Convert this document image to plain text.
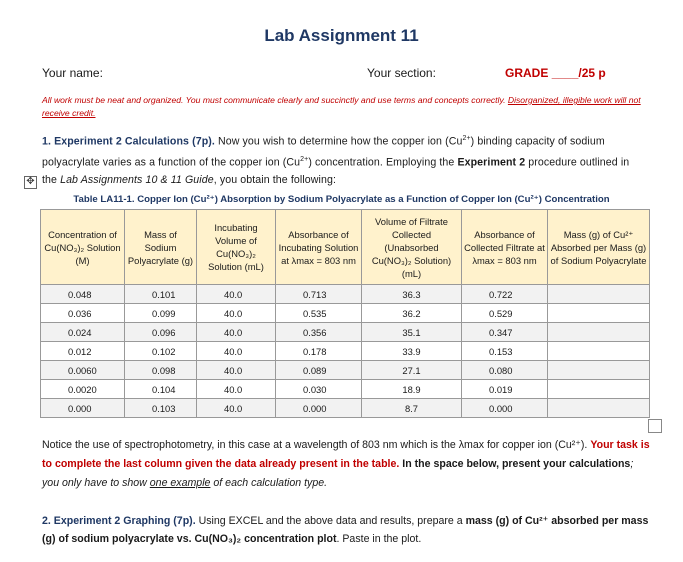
Lab Assignment 11
Your name:	Your section:	GRADE ____/25 p
All work must be neat and organized. You must communicate clearly and succinctly and use terms and concepts correctly. Disorganized, illegible work will not receive credit.
1. Experiment 2 Calculations (7p). Now you wish to determine how the copper ion $(Cu^{2+})$ binding capacity of sodium polyacrylate varies as a function of the copper ion $(Cu^{2+})$ concentration. Employing the Experiment 2 procedure outlined in the Lab Assignments 10 & 11 Guide, you obtain the following:
✥
Table LA11-1. Copper Ion (Cu²⁺) Absorption by Sodium Polyacrylate as a Function of Copper Ion (Cu²⁺) Concentration
Concentration of Cu(NO₃)₂ Solution (M)	Mass of Sodium Polyacrylate (g)	Incubating Volume of Cu(NO₃)₂ Solution (mL)	Absorbance of Incubating Solution at λmax = 803 nm	Volume of Filtrate Collected (Unabsorbed Cu(NO₃)₂ Solution) (mL)	Absorbance of Collected Filtrate at λmax = 803 nm	Mass (g) of Cu²⁺ Absorbed per Mass (g) of Sodium Polyacrylate
0.048	0.101	40.0	0.713	36.3	0.722	
0.036	0.099	40.0	0.535	36.2	0.529	
0.024	0.096	40.0	0.356	35.1	0.347	
0.012	0.102	40.0	0.178	33.9	0.153	
0.0060	0.098	40.0	0.089	27.1	0.080	
0.0020	0.104	40.0	0.030	18.9	0.019	
0.000	0.103	40.0	0.000	8.7	0.000	
Notice the use of spectrophotometry, in this case at a wavelength of 803 nm which is the λmax for copper ion (Cu²⁺). Your task is to complete the last column given the data already present in the table. In the space below, present your calculations; you only have to show one example of each calculation type.
2. Experiment 2 Graphing (7p). Using EXCEL and the above data and results, prepare a mass (g) of Cu²⁺ absorbed per mass (g) of sodium polyacrylate vs. Cu(NO₃)₂ concentration plot. Paste in the plot.
